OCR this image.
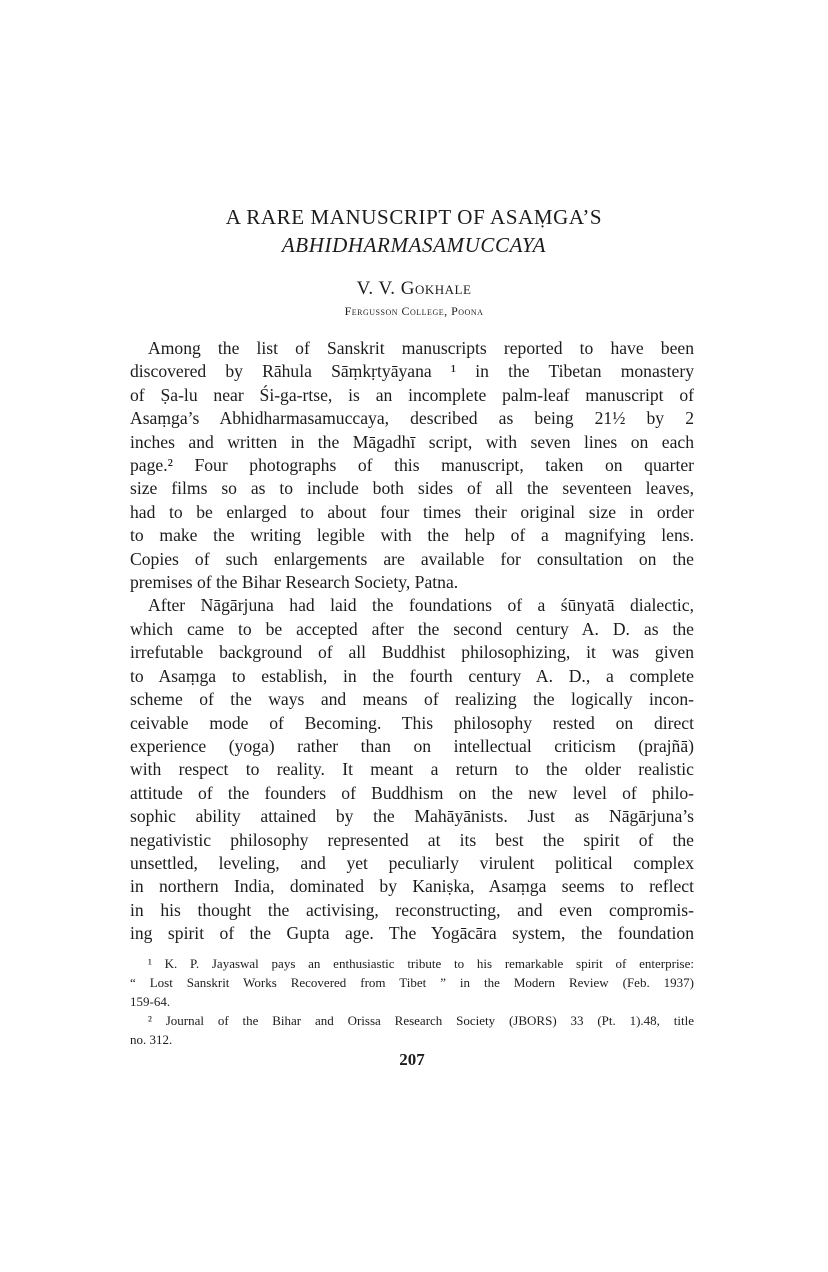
A RARE MANUSCRIPT OF ASAṂGA’S
ABHIDHARMASAMUCCAYA
V. V. Gokhale
Fergusson College, Poona
Among the list of Sanskrit manuscripts reported to have been
discovered by Rāhula Sāṃkṛtyāyana ¹ in the Tibetan monastery
of Ṣa-lu near Śi-ga-rtse, is an incomplete palm-leaf manuscript of
Asaṃga’s Abhidharmasamuccaya, described as being 21½ by 2
inches and written in the Māgadhī script, with seven lines on each
page.² Four photographs of this manuscript, taken on quarter
size films so as to include both sides of all the seventeen leaves,
had to be enlarged to about four times their original size in order
to make the writing legible with the help of a magnifying lens.
Copies of such enlargements are available for consultation on the
premises of the Bihar Research Society, Patna.
After Nāgārjuna had laid the foundations of a śūnyatā dialectic,
which came to be accepted after the second century A. D. as the
irrefutable background of all Buddhist philosophizing, it was given
to Asaṃga to establish, in the fourth century A. D., a complete
scheme of the ways and means of realizing the logically incon-
ceivable mode of Becoming. This philosophy rested on direct
experience (yoga) rather than on intellectual criticism (prajñā)
with respect to reality. It meant a return to the older realistic
attitude of the founders of Buddhism on the new level of philo-
sophic ability attained by the Mahāyānists. Just as Nāgārjuna’s
negativistic philosophy represented at its best the spirit of the
unsettled, leveling, and yet peculiarly virulent political complex
in northern India, dominated by Kaniṣka, Asaṃga seems to reflect
in his thought the activising, reconstructing, and even compromis-
ing spirit of the Gupta age. The Yogācāra system, the foundation
¹ K. P. Jayaswal pays an enthusiastic tribute to his remarkable spirit of enterprise:
“ Lost Sanskrit Works Recovered from Tibet ” in the Modern Review (Feb. 1937)
159-64.
² Journal of the Bihar and Orissa Research Society (JBORS) 33 (Pt. 1).48, title
no. 312.
207
